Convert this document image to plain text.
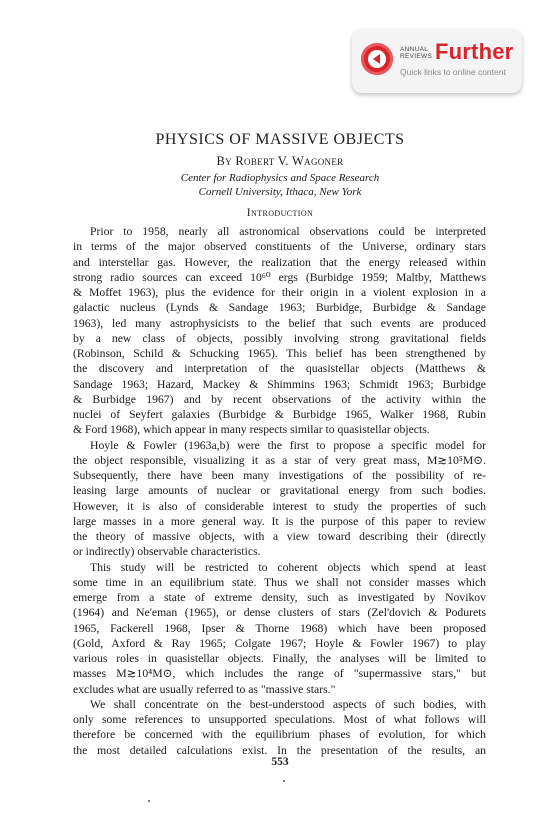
ANNUAL REVIEWS Further
Quick links to online content
PHYSICS OF MASSIVE OBJECTS
By Robert V. Wagoner
Center for Radiophysics and Space Research
Cornell University, Ithaca, New York
Introduction
Prior to 1958, nearly all astronomical observations could be interpreted
in terms of the major observed constituents of the Universe, ordinary stars
and interstellar gas. However, the realization that the energy released within
strong radio sources can exceed 10⁶⁰ ergs (Burbidge 1959; Maltby, Matthews
& Moffet 1963), plus the evidence for their origin in a violent explosion in a
galactic nucleus (Lynds & Sandage 1963; Burbidge, Burbidge & Sandage
1963), led many astrophysicists to the belief that such events are produced
by a new class of objects, possibly involving strong gravitational fields
(Robinson, Schild & Schucking 1965). This belief has been strengthened by
the discovery and interpretation of the quasistellar objects (Matthews &
Sandage 1963; Hazard, Mackey & Shimmins 1963; Schmidt 1963; Burbidge
& Burbidge 1967) and by recent observations of the activity within the
nuclei of Seyfert galaxies (Burbidge & Burbidge 1965, Walker 1968, Rubin
& Ford 1968), which appear in many respects similar to quasistellar objects.
Hoyle & Fowler (1963a,b) were the first to propose a specific model for
the object responsible, visualizing it as a star of very great mass, M≳10⁵M⊙.
Subsequently, there have been many investigations of the possibility of re-
leasing large amounts of nuclear or gravitational energy from such bodies.
However, it is also of considerable interest to study the properties of such
large masses in a more general way. It is the purpose of this paper to review
the theory of massive objects, with a view toward describing their (directly
or indirectly) observable characteristics.
This study will be restricted to coherent objects which spend at least
some time in an equilibrium state. Thus we shall not consider masses which
emerge from a state of extreme density, such as investigated by Novikov
(1964) and Ne'eman (1965), or dense clusters of stars (Zel'dovich & Podurets
1965, Fackerell 1968, Ipser & Thorne 1968) which have been proposed
(Gold, Axford & Ray 1965; Colgate 1967; Hoyle & Fowler 1967) to play
various roles in quasistellar objects. Finally, the analyses will be limited to
masses M≳10⁴M⊙, which includes the range of "supermassive stars," but
excludes what are usually referred to as "massive stars."
We shall concentrate on the best-understood aspects of such bodies, with
only some references to unsupported speculations. Most of what follows will
therefore be concerned with the equilibrium phases of evolution, for which
the most detailed calculations exist. In the presentation of the results, an
553
